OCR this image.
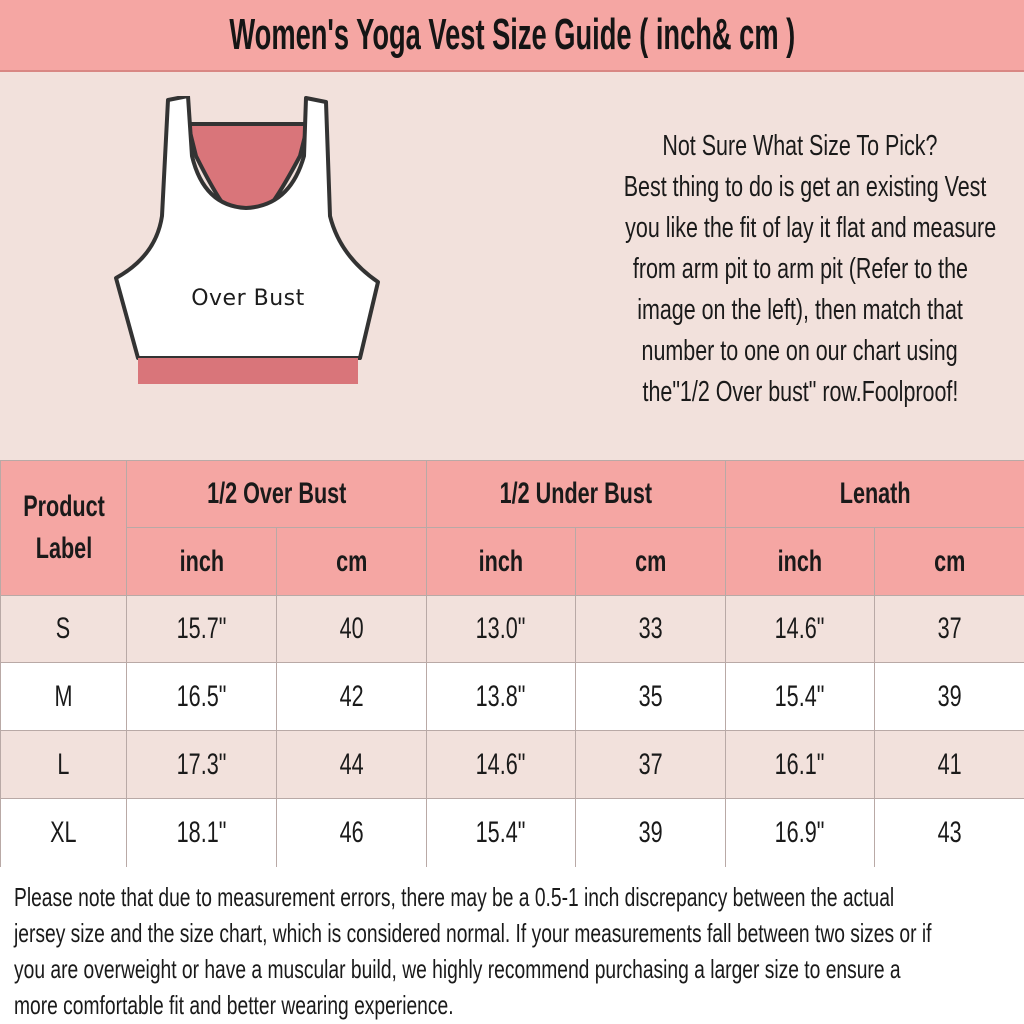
Women's Yoga Vest Size Guide ( inch& cm )
Over Bust
Not Sure What Size To Pick?
Best thing to do is get an existing Vest
you like the fit of lay it flat and measure
from arm pit to arm pit (Refer to the
image on the left), then match that
number to one on our chart using
the"1/2 Over bust" row.Foolproof!
Product Label	1/2 Over Bust		1/2 Under Bust		Lenath	
	inch	cm	inch	cm	inch	cm
S	15.7"	40	13.0"	33	14.6"	37
M	16.5"	42	13.8"	35	15.4"	39
L	17.3"	44	14.6"	37	16.1"	41
XL	18.1"	46	15.4"	39	16.9"	43
Please note that due to measurement errors, there may be a 0.5-1 inch discrepancy between the actual
jersey size and the size chart, which is considered normal. If your measurements fall between two sizes or if
you are overweight or have a muscular build, we highly recommend purchasing a larger size to ensure a
more comfortable fit and better wearing experience.
